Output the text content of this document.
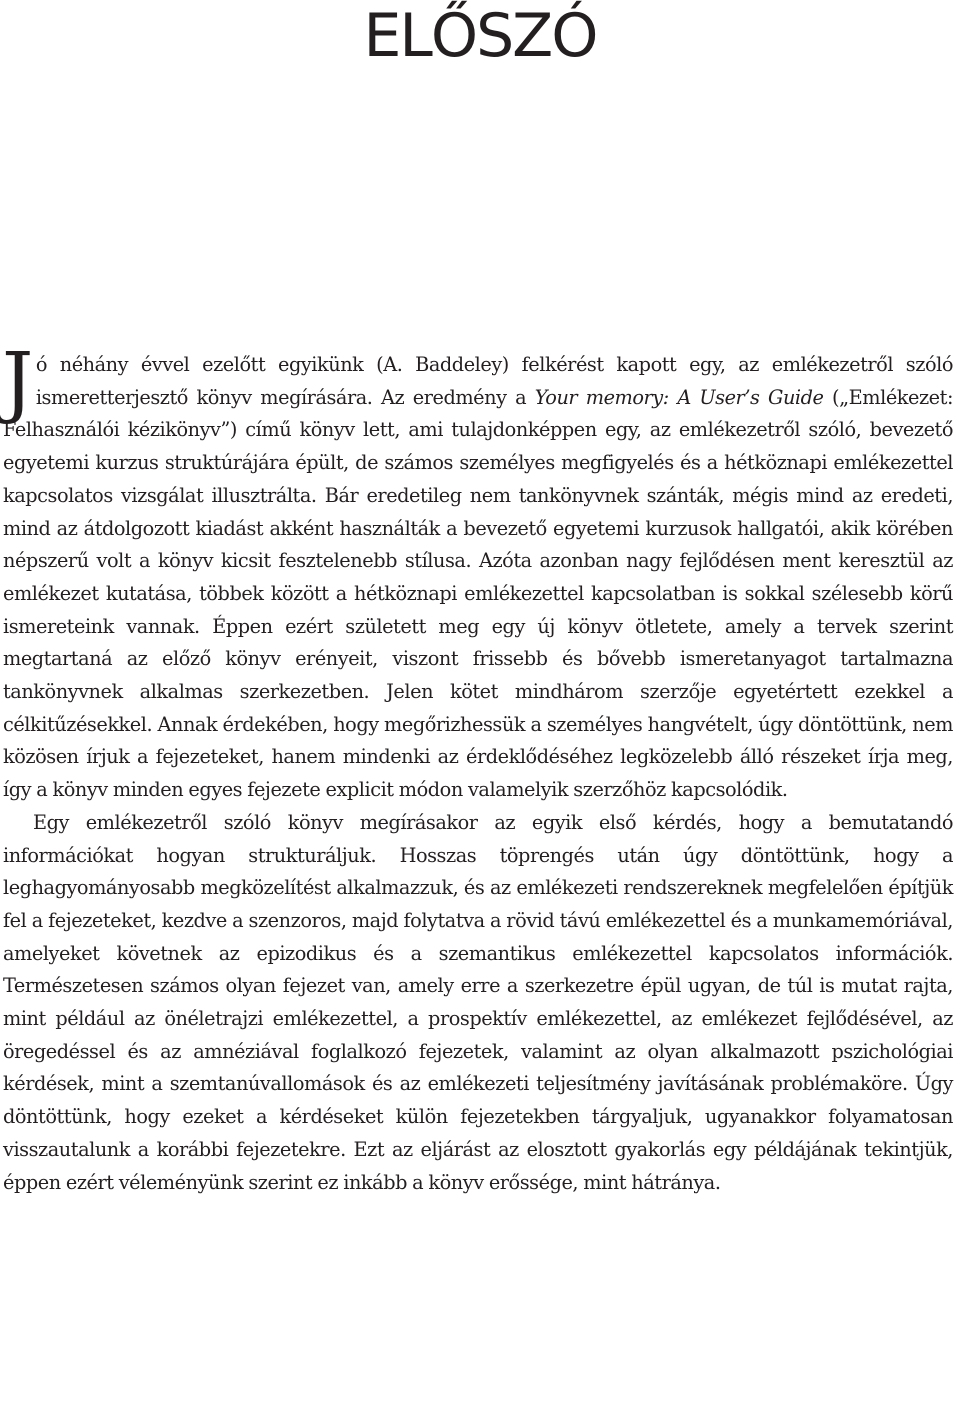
ELŐSZÓ

Jó néhány évvel ezelőtt egyikünk (A. Baddeley) felkérést kapott egy, az emlékezetről szóló ismeretterjesztő könyv megírására. Az eredmény a Your memory: A User’s Guide („Emlékezet: Felhasználói kézikönyv”) című könyv lett, ami tulajdonképpen egy, az emlékezetről szóló, bevezető egyetemi kurzus struktúrájára épült, de számos személyes megfigyelés és a hétköznapi emlékezettel kapcsolatos vizsgálat illusztrálta. Bár eredetileg nem tankönyvnek szánták, mégis mind az eredeti, mind az átdolgozott kiadást akként használták a bevezető egyetemi kurzusok hallgatói, akik körében népszerű volt a könyv kicsit fesztelenebb stílusa. Azóta azonban nagy fejlődésen ment keresztül az emlékezet kutatása, többek között a hétköznapi emlékezettel kapcsolatban is sokkal szélesebb körű ismereteink vannak. Éppen ezért született meg egy új könyv ötletete, amely a tervek szerint megtartaná az előző könyv erényeit, viszont frissebb és bővebb ismeretanyagot tartalmazna tankönyvnek alkalmas szerkezetben. Jelen kötet mindhárom szerzője egyetértett ezekkel a célkitűzésekkel. Annak érdekében, hogy megőrizhessük a személyes hangvételt, úgy döntöttünk, nem közösen írjuk a fejezeteket, hanem mindenki az érdeklődéséhez legközelebb álló részeket írja meg, így a könyv minden egyes fejezete explicit módon valamelyik szerzőhöz kapcsolódik.

Egy emlékezetről szóló könyv megírásakor az egyik első kérdés, hogy a bemutatandó információkat hogyan strukturáljuk. Hosszas töprengés után úgy döntöttünk, hogy a leghagyományosabb megközelítést alkalmazzuk, és az emlékezeti rendszereknek megfelelően építjük fel a fejezeteket, kezdve a szenzoros, majd folytatva a rövid távú emlékezettel és a munkamemóriával, amelyeket követnek az epizodikus és a szemantikus emlékezettel kapcsolatos információk. Természetesen számos olyan fejezet van, amely erre a szerkezetre épül ugyan, de túl is mutat rajta, mint például az önéletrajzi emlékezettel, a prospektív emlékezettel, az emlékezet fejlődésével, az öregedéssel és az amnéziával foglalkozó fejezetek, valamint az olyan alkalmazott pszichológiai kérdések, mint a szemtanúvallomások és az emlékezeti teljesítmény javításának problémaköre. Úgy döntöttünk, hogy ezeket a kérdéseket külön fejezetekben tárgyaljuk, ugyanakkor folyamatosan visszautalunk a korábbi fejezetekre. Ezt az eljárást az elosztott gyakorlás egy példájának tekintjük, éppen ezért véleményünk szerint ez inkább a könyv erőssége, mint hátránya.
